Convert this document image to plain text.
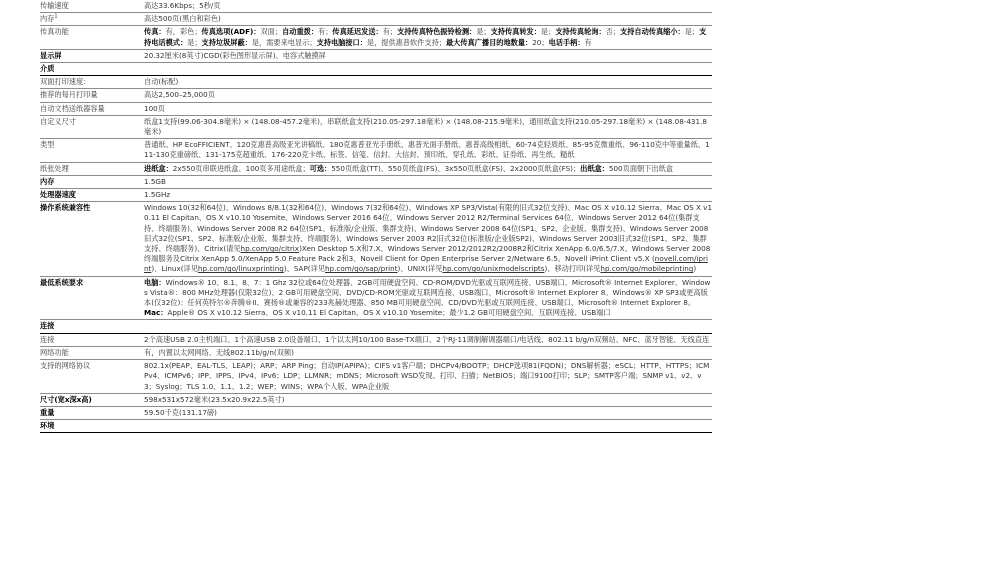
传输速度	高达33.6Kbps；5秒/页
内存$^1$	高达500页(黑白和彩色)
传真功能	传真：有，彩色；传真选项(ADF)：双面；自动重拨：有；传真延迟发送：有；支持传真特色振铃检测：是；支持传真转发：是；支持传真轮询：否；支持自动传真缩小：是；支持电话模式：是；支持垃圾屏蔽：是，需要来电显示；支持电脑接口：是，提供惠普软件支持；最大传真广播目的地数量：20；电话手柄：有
显示屏	20.32厘米(8英寸)CGD(彩色图形显示屏)、电容式触摸屏
介质	
双面打印速度：	自动(标配)
推荐的每月打印量	高达2,500–25,000页
自动文档送纸器容量	100页
自定义尺寸	纸盒1支持(99.06-304.8毫米) × (148.08-457.2毫米)，串联纸盒支持(210.05-297.18毫米) × (148.08-215.9毫米)，通用纸盒支持(210.05-297.18毫米) × (148.08-431.8毫米)
类型	普通纸、HP EcoFFICIENT、120克惠普高级亚光讲稿纸、180克惠普亚光手册纸、惠普光面手册纸、惠普高级相纸、60-74克轻质纸、85-95克微重纸、96-110克中等重量纸、111-130克重磅纸、131-175克超重纸、176-220克卡纸、标签、信笺、信封、大信封、预印纸、穿孔纸、彩纸、证券纸、再生纸、糙纸
纸张处理	进纸盒：2x550页串联进纸盒、100页多用途纸盒；可选：550页纸盒(TT)、550页纸盒(FS)、3x550页纸盒(FS)、2x2000页纸盒(FS)；出纸盒：500页面朝下出纸盒
内存	1.5GB
处理器速度	1.5GHz
操作系统兼容性	Windows 10(32和64位)、Windows 8/8.1(32和64位)、Windows 7(32和64位)、Windows XP SP3/Vista(有限的旧式32位支持)、Mac OS X v10.12 Sierra、Mac OS X v10.11 El Capitan、OS X v10.10 Yosemite、Windows Server 2016 64位、Windows Server 2012 R2/Terminal Services 64位、Windows Server 2012 64位(集群支持、终端服务)、Windows Server 2008 R2 64位(SP1、标准版/企业版、集群支持)、Windows Server 2008 64位(SP1、SP2、企业版、集群支持)、Windows Server 2008旧式32位(SP1、SP2、标准版/企业版、集群支持、终端服务)、Windows Server 2003 R2旧式32位(标准版/企业版SP2)、Windows Server 2003旧式32位(SP1、SP2、集群支持、终端服务)、Citrix(请见hp.com/go/citrix)Xen Desktop 5.X和7.X、Windows Server 2012/2012R2/2008R2和Citrix XenApp 6.0/6.5/7.X、Windows Server 2008终端服务及Citrix XenApp 5.0/XenApp 5.0 Feature Pack 2和3、Novell Client for Open Enterprise Server 2/Netware 6.5、Novell iPrint Client v5.X (novell.com/iprint)、Linux(详见hp.com/go/linuxprinting)、SAP(详见hp.com/go/sap/print)、UNIX(详见hp.com/go/unixmodelscripts)、移动打印(详见hp.com/go/mobileprinting)
最低系统要求	电脑：Windows® 10、8.1、8、7：1 Ghz 32位或64位处理器、2GB可用硬盘空间、CD-ROM/DVD光驱或互联网连接、USB端口、Microsoft® Internet Explorer。Windows Vista®：800 MHz处理器(仅限32位)、2 GB可用硬盘空间、DVD/CD-ROM光驱或互联网连接、USB端口、Microsoft® Internet Explorer 8。Windows® XP SP3或更高版本(仅32位)：任何英特尔®奔腾®II、赛扬®或兼容的233兆赫处理器、850 MB可用硬盘空间、CD/DVD光驱或互联网连接、USB端口、Microsoft® Internet Explorer 8。
Mac：Apple® OS X v10.12 Sierra、OS X v10.11 El Capitan、OS X v10.10 Yosemite；最少1.2 GB可用硬盘空间、互联网连接、USB端口
连接	
连接	2个高速USB 2.0主机端口、1个高速USB 2.0设备端口、1个以太网10/100 Base-TX端口、2个RJ-11调制解调器端口/电话线、802.11 b/g/n双频站、NFC、蓝牙智能、无线直连
网络功能	有，内置以太网网络、无线802.11b/g/n(双频)
支持的网络协议	802.1x(PEAP、EAL-TLS、LEAP)；ARP；ARP Ping；自动IP(APIPA)；CIFS v1客户端；DHCPv4/BOOTP；DHCP选项81(FQDN)；DNS解析器；eSCL；HTTP、HTTPS；ICMPv4、ICMPv6；IPP、IPPS、IPv4、IPv6；LDP；LLMNR；mDNS；Microsoft WSD发现、打印、扫描；NetBIOS；端口9100打印；SLP；SMTP客户端；SNMP v1、v2、v3；Syslog；TLS 1.0、1.1、1.2；WEP；WINS；WPA个人版、WPA企业版
尺寸(宽x深x高)	598x531x572毫米(23.5x20.9x22.5英寸)
重量	59.50千克(131.17磅)
环境	
